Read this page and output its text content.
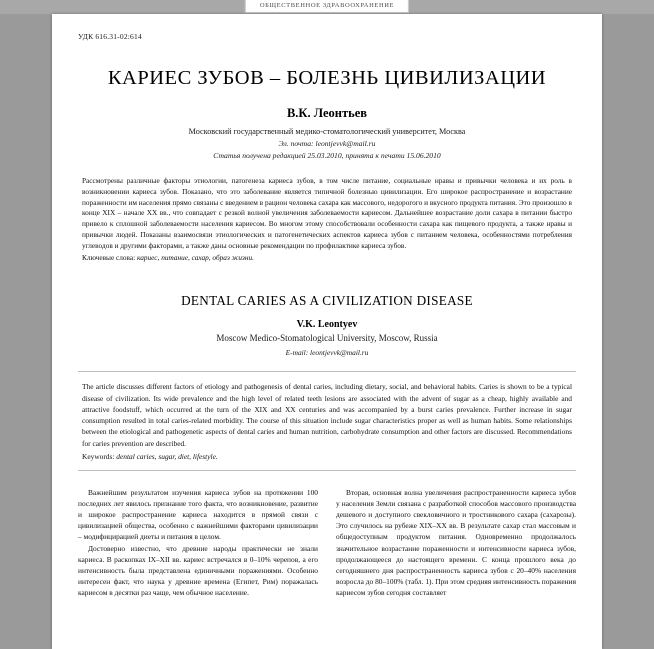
ОБЩЕСТВЕННОЕ ЗДРАВООХРАНЕНИЕ
УДК 616.31-02:614
КАРИЕС ЗУБОВ – БОЛЕЗНЬ ЦИВИЛИЗАЦИИ
В.К. Леонтьев
Московский государственный медико-стоматологический университет, Москва
Эл. почта: leontjevvk@mail.ru
Статья получена редакцией 25.03.2010, принята к печати 15.06.2010
Рассмотрены различные факторы этиологии, патогенеза кариеса зубов, в том числе питание, социальные нравы и привычки человека и их роль в возникновении кариеса зубов. Показано, что это заболевание является типичной болезнью цивилизации. Его широкое распространение и возрастание пораженности им населения прямо связаны с введением в рацион человека сахара как массового, недорогого и вкусного продукта питания. Это произошло в конце XIX – начале XX вв., что совпадает с резкой волной увеличения заболеваемости кариесом. Дальнейшее возрастание доли сахара в питании быстро привело к сплошной заболеваемости населения кариесом. Во многом этому способствовали особенности сахара как пищевого продукта, а также нравы и привычки людей. Показаны взаимосвязи этиологических и патогенетических аспектов кариеса зубов с питанием человека, особенностями потребления углеводов и другими факторами, а также даны основные рекомендации по профилактике кариеса зубов.
Ключевые слова: кариес, питание, сахар, образ жизни.
DENTAL CARIES AS A CIVILIZATION DISEASE
V.K. Leontyev
Moscow Medico-Stomatological University, Moscow, Russia
E-mail: leontjevvk@mail.ru

The article discusses different factors of etiology and pathogenesis of dental caries, including dietary, social, and behavioral habits. Caries is shown to be a typical disease of civilization. Its wide prevalence and the high level of related teeth lesions are associated with the advent of sugar as a cheap, highly available and attractive foodstuff, which occurred at the turn of the XIX and XX centuries and was accompanied by a burst caries prevalence. Further increase in sugar consumption resulted in total caries-related morbidity. The course of this situation include sugar characteristics proper as well as human habits. Some relationships between the etiological and pathogenetic aspects of dental caries and human nutrition, carbohydrate consumption and other factors are discussed. Recommendations for caries prevention are described.

Keywords: dental caries, sugar, diet, lifestyle.

Важнейшим результатом изучения кариеса зубов на протяжении 100 последних лет явилось признание того факта, что возникновение, развитие и широкое распространение кариеса находится в прямой связи с цивилизацией общества, особенно с важнейшими факторами цивилизации – модифицирацией диеты и питания в целом.

Достоверно известно, что древние народы практически не знали кариеса. В раскопках IX–XII вв. кариес встречался в 0–10% черепов, а его интенсивность была представлена единичными поражениями. Особенно интересен факт, что наука у древние времена (Египет, Рим) поражалась кариесом в десятки раз чаще, чем обычное население.

Вторая, основная волна увеличения распространенности кариеса зубов у населения Земли связана с разработкой способов массового производства дешевого и доступного свекловичного и тростникового сахара (сахарозы). Это случилось на рубеже XIX–XX вв. В результате сахар стал массовым и общедоступным продуктом питания. Одновременно продолжалось значительное возрастание пораженности и интенсивности кариеса зубов, продолжающееся до настоящего времени. С конца прошлого века до сегодняшнего дня распространенность кариеса зубов с 20–40% населения возросла до 80–100% (табл. 1). При этом средняя интенсивность поражения кариесом зубов сегодня составляет
